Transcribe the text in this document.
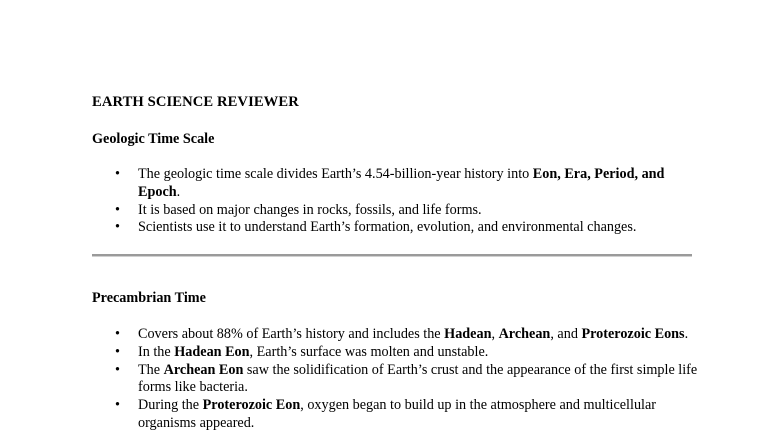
EARTH SCIENCE REVIEWER
Geologic Time Scale
• The geologic time scale divides Earth’s 4.54-billion-year history into Eon, Era, Period, and Epoch.
• It is based on major changes in rocks, fossils, and life forms.
• Scientists use it to understand Earth’s formation, evolution, and environmental changes.
Precambrian Time
• Covers about 88% of Earth’s history and includes the Hadean, Archean, and Proterozoic Eons.
• In the Hadean Eon, Earth’s surface was molten and unstable.
• The Archean Eon saw the solidification of Earth’s crust and the appearance of the first simple life forms like bacteria.
• During the Proterozoic Eon, oxygen began to build up in the atmosphere and multicellular organisms appeared.
